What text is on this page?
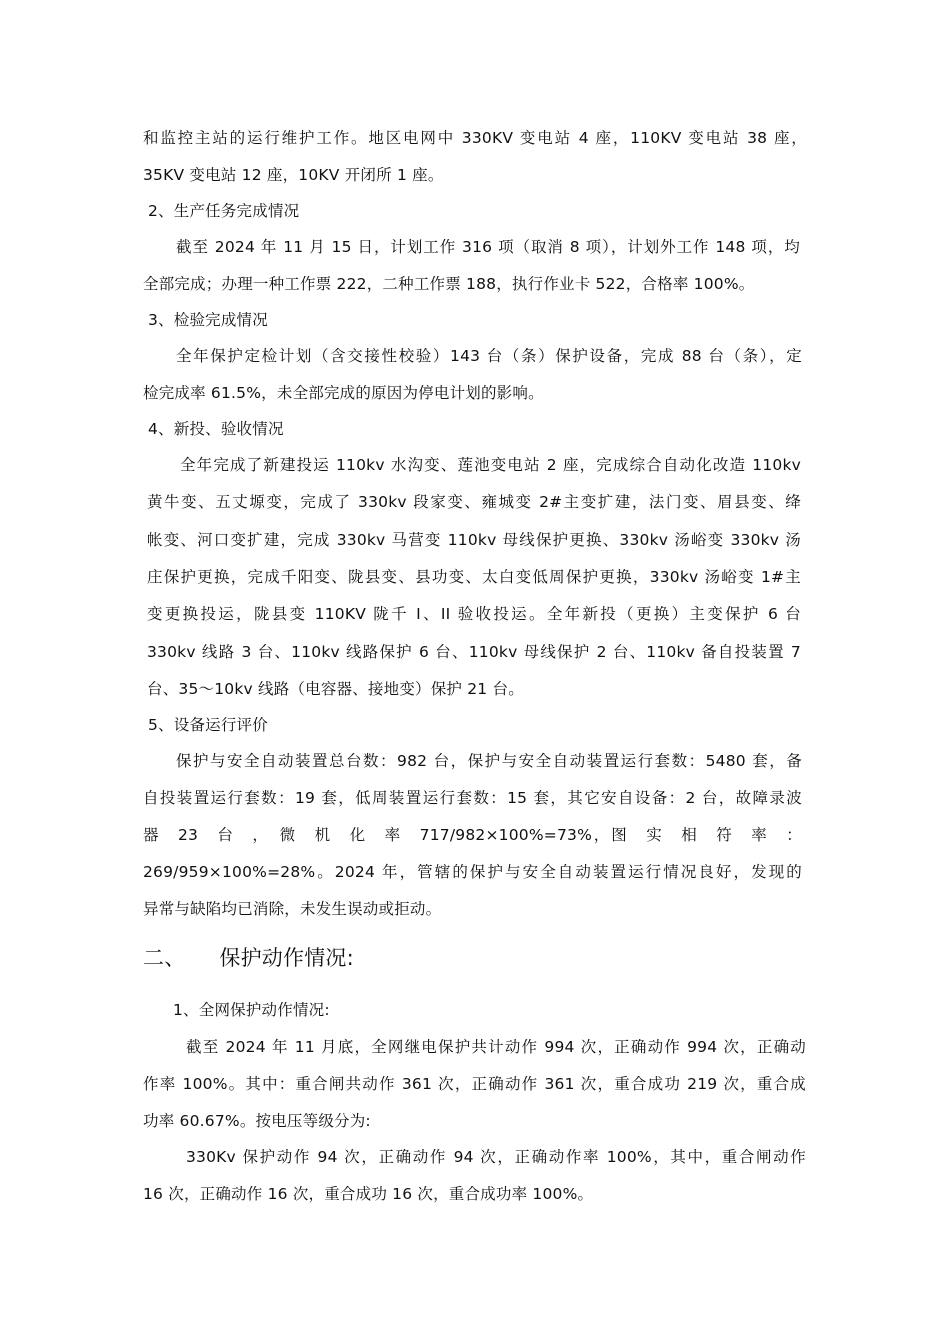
和监控主站的运行维护工作。地区电网中 330KV 变电站 4 座，110KV 变电站 38 座，
35KV 变电站 12 座，10KV 开闭所 1 座。
2、生产任务完成情况
截至 2024 年 11 月 15 日，计划工作 316 项（取消 8 项），计划外工作 148 项，均
全部完成；办理一种工作票 222，二种工作票 188，执行作业卡 522，合格率 100%。
3、检验完成情况
全年保护定检计划（含交接性校验）143 台（条）保护设备，完成 88 台（条），定
检完成率 61.5%，未全部完成的原因为停电计划的影响。
4、新投、验收情况
全年完成了新建投运 110kv 水沟变、莲池变电站 2 座，完成综合自动化改造 110kv
黄牛变、五丈塬变，完成了 330kv 段家变、雍城变 2#主变扩建，法门变、眉县变、绛
帐变、河口变扩建，完成 330kv 马营变 110kv 母线保护更换、330kv 汤峪变 330kv 汤
庄保护更换，完成千阳变、陇县变、县功变、太白变低周保护更换，330kv 汤峪变 1#主
变更换投运，陇县变 110KV 陇千 I、II 验收投运。全年新投（更换）主变保护 6 台
330kv 线路 3 台、110kv 线路保护 6 台、110kv 母线保护 2 台、110kv 备自投装置 7
台、35～10kv 线路（电容器、接地变）保护 21 台。
5、设备运行评价
保护与安全自动装置总台数：982 台，保护与安全自动装置运行套数：5480 套，备
自投装置运行套数：19 套，低周装置运行套数：15 套，其它安自设备：2 台，故障录波
器　23　台　，　微　机　化　率　717/982×100%=73%，图　实　相　符　率　：
269/959×100%=28%。2024 年，管辖的保护与安全自动装置运行情况良好，发现的
异常与缺陷均已消除，未发生误动或拒动。
二、 保护动作情况:
1、全网保护动作情况:
截至 2024 年 11 月底，全网继电保护共计动作 994 次，正确动作 994 次，正确动
作率 100%。其中：重合闸共动作 361 次，正确动作 361 次，重合成功 219 次，重合成
功率 60.67%。按电压等级分为:
330Kv 保护动作 94 次，正确动作 94 次，正确动作率 100%，其中，重合闸动作
16 次，正确动作 16 次，重合成功 16 次，重合成功率 100%。
